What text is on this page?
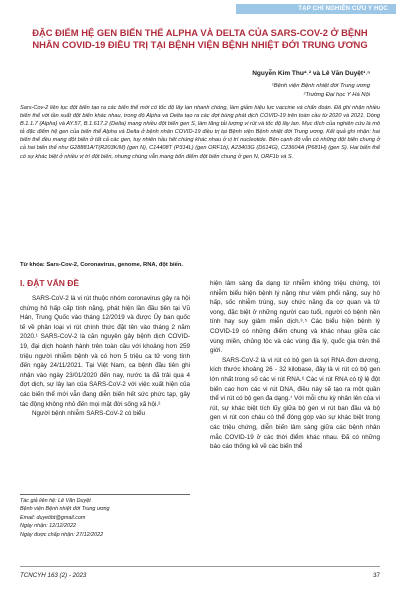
TẠP CHÍ NGHIÊN CỨU Y HỌC
ĐẶC ĐIỂM HỆ GEN BIẾN THỂ ALPHA VÀ DELTA CỦA SARS-COV-2 Ở BỆNH NHÂN COVID-19 ĐIỀU TRỊ TẠI BỆNH VIỆN BỆNH NHIỆT ĐỚI TRUNG ƯƠNG
Nguyễn Kim Thư¹˒² và Lê Văn Duyệt¹˒ⁿ
¹Bệnh viện Bệnh nhiệt đới Trung ương
²Trường Đại học Y Hà Nội
Sars-Cov-2 liên tục đột biến tạo ra các biến thể mới có tốc độ lây lan nhanh chóng, làm giảm hiệu lực vaccine và chẩn đoán. Đã ghi nhận nhiều biến thể với tần xuất đột biến khác nhau, trong đó Alpha và Delta tạo ra các đợt bùng phát dịch COVID-19 trên toàn cầu từ 2020 và 2021. Dòng B.1.1.7 (Alpha) và AY.57, B.1.617.2 (Delta) mang nhiều đột biến gen S, làm tăng tải lượng vi rút và tốc độ lây lan. Mục đích của nghiên cứu là mô tả đặc điểm hệ gen của biến thể Alpha và Delta ở bệnh nhân COVID-19 điều trị tại Bệnh viện Bệnh nhiệt đới Trung ương. Kết quả ghi nhận: hai biến thể đều mang đột biến ở tất cả các gen, tuy nhiên hầu hết chúng khác nhau ở vị trí nucleotide. Bên cạnh đó vẫn có những đột biến chung ở cả hai biến thể như G28881A/T(R203K/M) (gen N), C14408T (P314L) (gen ORF1b), A23403G (D614G), C23604A (P681H) (gen S). Hai biến thể có sự khác biệt ở nhiều vị trí đột biến, nhưng chúng vẫn mang bốn điểm đột biến chung ở gen N, ORF1b và S.
Từ khóa: Sars-Cov-2, Coronavirus, genome, RNA, đột biến.
I. ĐẶT VẤN ĐỀ

SARS-CoV-2 là vi rút thuộc nhóm coronavirus gây ra hội chứng hô hấp cấp tính nặng, phát hiện lần đầu tiên tại Vũ Hán, Trung Quốc vào tháng 12/2019 và được Ủy ban quốc tế về phân loại vi rút chính thức đặt tên vào tháng 2 năm 2020.¹ SARS-CoV-2 là căn nguyên gây bệnh dịch COVID-19, đại dịch hoành hành trên toàn cầu với khoảng hơn 259 triệu người nhiễm bệnh và có hơn 5 triệu ca tử vong tính đến ngày 24/11/2021. Tại Việt Nam, ca bệnh đầu tiên ghi nhận vào ngày 23/01/2020 đến nay, nước ta đã trải qua 4 đợt dịch, sự lây lan của SARS-CoV-2 với việc xuất hiện của các biến thể mới vẫn đang diễn biến hết sức phức tạp, gây tác động không nhỏ đến mọi mặt đời sống xã hội.²

Người bệnh nhiễm SARS-CoV-2 có biểu

hiện lâm sàng đa dạng từ nhiễm không triệu chứng, tới nhiễm biểu hiện bệnh lý nặng như viêm phổi nặng, suy hô hấp, sốc nhiễm trùng, suy chức năng đa cơ quan và tử vong, đặc biệt ở những người cao tuổi, người có bệnh nền tính hay suy giảm miễn dịch.³˒⁵ Các biểu hiện bệnh lý COVID-19 có những điểm chung và khác nhau giữa các vùng miền, chủng tộc và các vùng địa lý, quốc gia trên thế giới.

SARS-CoV-2 là vi rút có bộ gen là sợi RNA đơn dương, kích thước khoảng 26 - 32 kilobase, đây là vi rút có bộ gen lớn nhất trong số các vi rút RNA.⁶ Các vi rút RNA có tỷ lệ đột biến cao hơn các vi rút DNA, điều này sẽ tạo ra một quần thể vi rút có bộ gen đa dạng.⁷ Với mỗi chu kỳ nhân lên của vi rút, sự khác biệt tích lũy giữa bộ gen vi rút ban đầu và bộ gen vi rút con cháu có thể đóng góp vào sự khác biệt trong các triệu chứng, diễn biến lâm sàng giữa các bệnh nhân mắc COVID-19 ở các thời điểm khác nhau. Đã có những báo cáo thống kê về các biến thể

Tác giả liên hệ: Lê Văn Duyệt
Bệnh viện Bệnh nhiệt đới Trung ương
Email: duyetibt@gmail.com
Ngày nhận: 12/12/2022
Ngày được chấp nhận: 27/12/2022
TCNCYH 163 (2) - 2023	37
